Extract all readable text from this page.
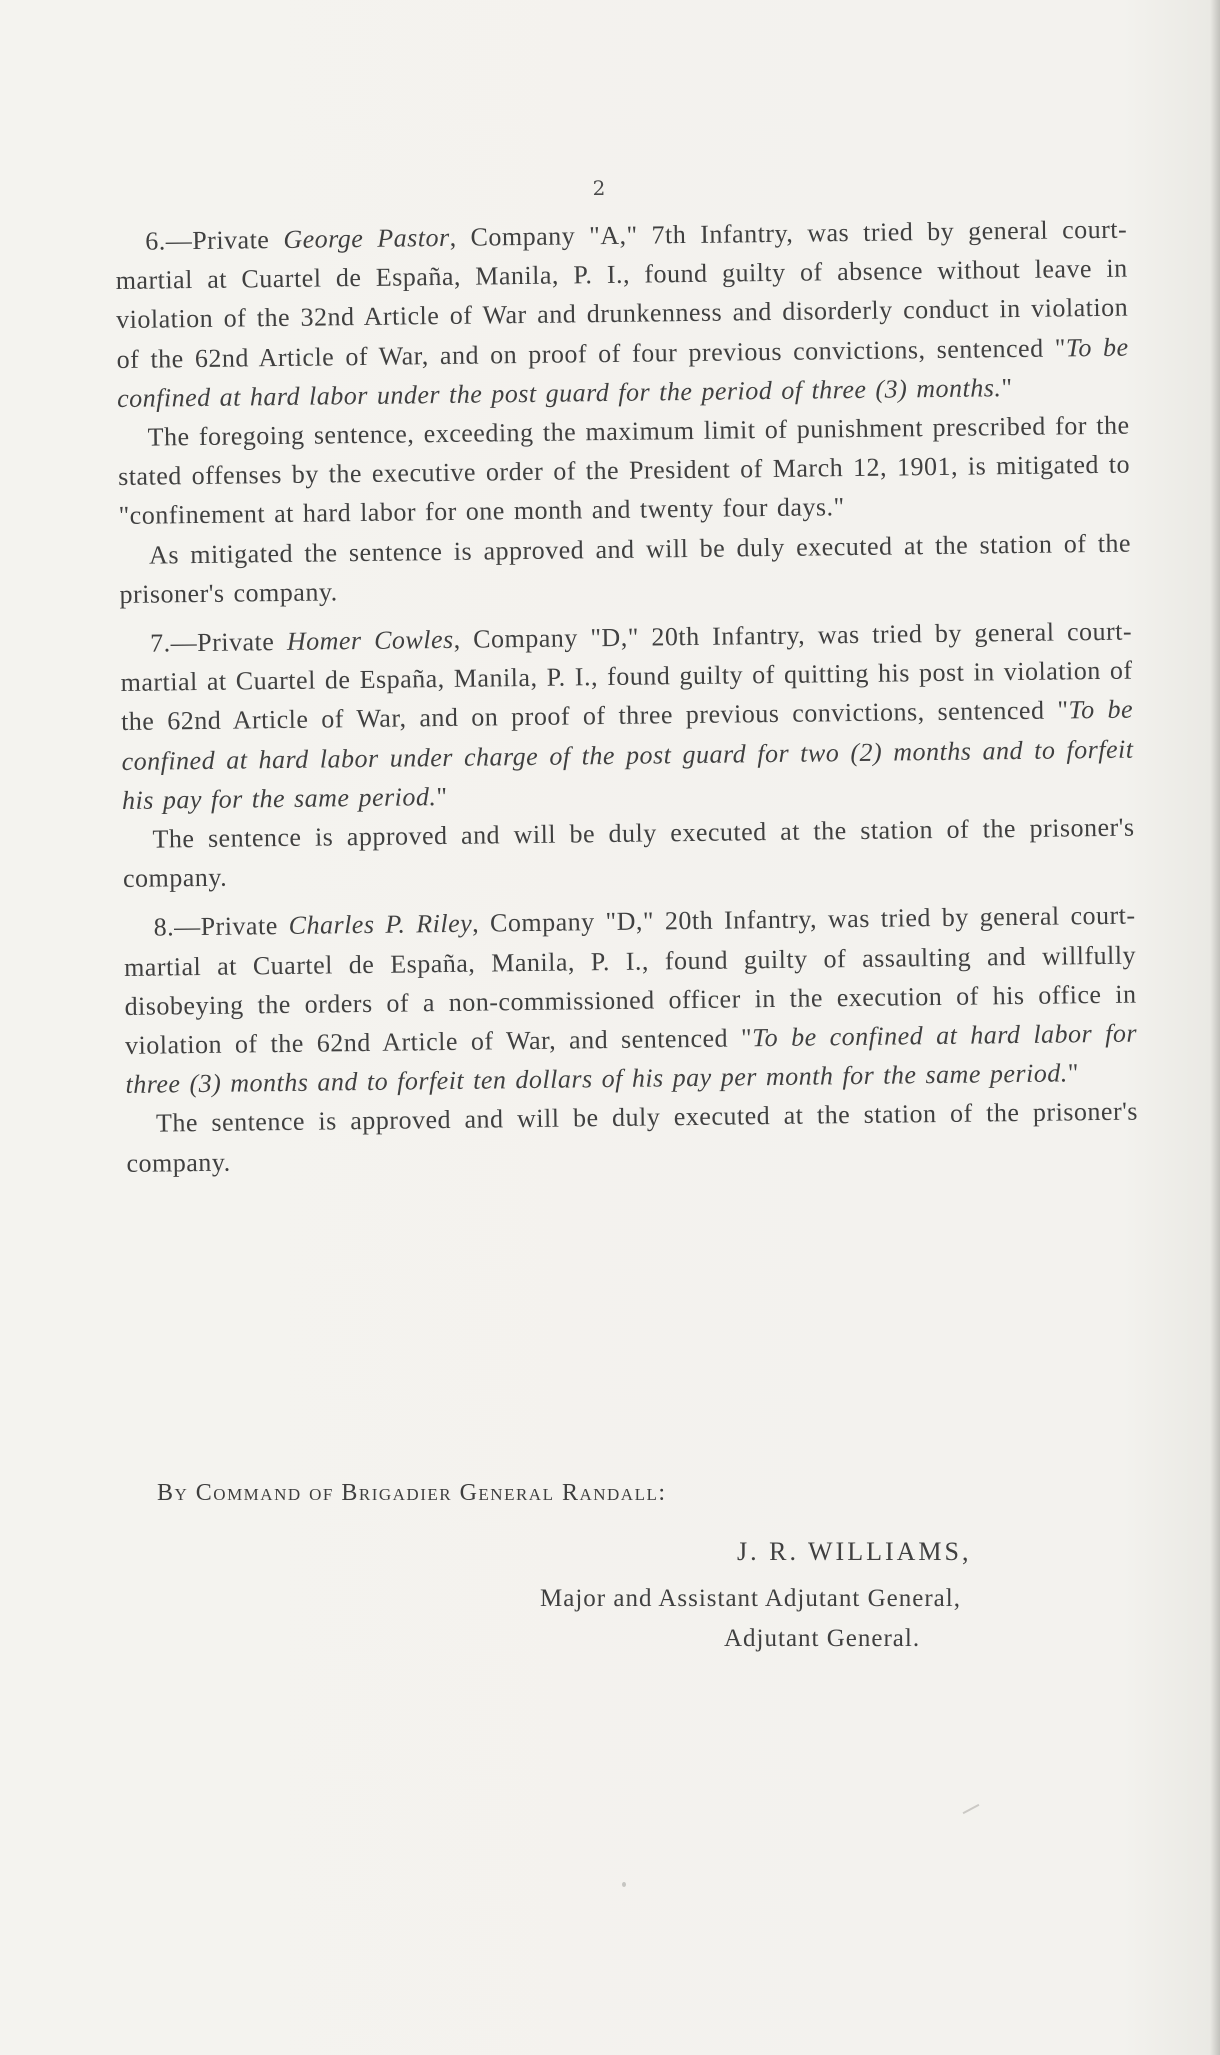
2

6.—Private George Pastor, Company "A," 7th Infantry, was tried by general court-martial at Cuartel de España, Manila, P. I., found guilty of absence without leave in violation of the 32nd Article of War and drunkenness and disorderly conduct in violation of the 62nd Article of War, and on proof of four previous convictions, sentenced "To be confined at hard labor under the post guard for the period of three (3) months."

The foregoing sentence, exceeding the maximum limit of punishment prescribed for the stated offenses by the executive order of the President of March 12, 1901, is mitigated to "confinement at hard labor for one month and twenty four days."

As mitigated the sentence is approved and will be duly executed at the station of the prisoner's company.

7.—Private Homer Cowles, Company "D," 20th Infantry, was tried by general court-martial at Cuartel de España, Manila, P. I., found guilty of quitting his post in violation of the 62nd Article of War, and on proof of three previous convictions, sentenced "To be confined at hard labor under charge of the post guard for two (2) months and to forfeit his pay for the same period."

The sentence is approved and will be duly executed at the station of the prisoner's company.

8.—Private Charles P. Riley, Company "D," 20th Infantry, was tried by general court-martial at Cuartel de España, Manila, P. I., found guilty of assaulting and willfully disobeying the orders of a non-commissioned officer in the execution of his office in violation of the 62nd Article of War, and sentenced "To be confined at hard labor for three (3) months and to forfeit ten dollars of his pay per month for the same period."

The sentence is approved and will be duly executed at the station of the prisoner's company.

By Command of Brigadier General Randall:
J. R. WILLIAMS,
Major and Assistant Adjutant General,
Adjutant General.
